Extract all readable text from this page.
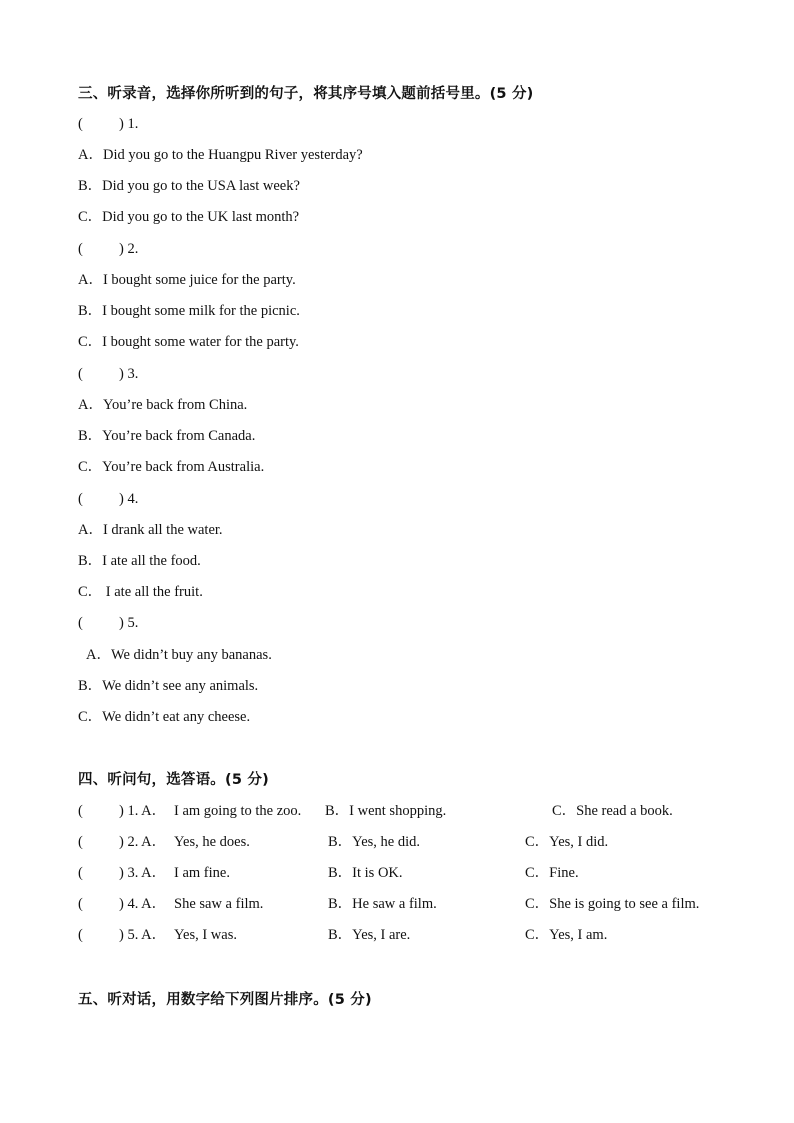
三、听录音，选择你所听到的句子，将其序号填入题前括号里。(5 分)
( ) 1.
A．Did you go to the Huangpu River yesterday?
B．Did you go to the USA last week?
C．Did you go to the UK last month?
( ) 2.
A．I bought some juice for the party.
B．I bought some milk for the picnic.
C．I bought some water for the party.
( ) 3.
A．You’re back from China.
B．You’re back from Canada.
C．You’re back from Australia.
( ) 4.
A．I drank all the water.
B．I ate all the food.
C． I ate all the fruit.
( ) 5.
A．We didn’t buy any bananas.
B．We didn’t see any animals.
C．We didn’t eat any cheese.
四、听问句，选答语。(5 分)
( ) 1. A． I am going to the zoo. B．I went shopping.	C．She read a book.
( ) 2. A． Yes, he does.	B．Yes, he did.	C．Yes, I did.
( ) 3. A． I am fine.	B．It is OK.	C．Fine.
( ) 4. A． She saw a film.	B．He saw a film.	C．She is going to see a film.
( ) 5. A． Yes, I was.	B．Yes, I are.	C．Yes, I am.
五、听对话，用数字给下列图片排序。(5 分)
